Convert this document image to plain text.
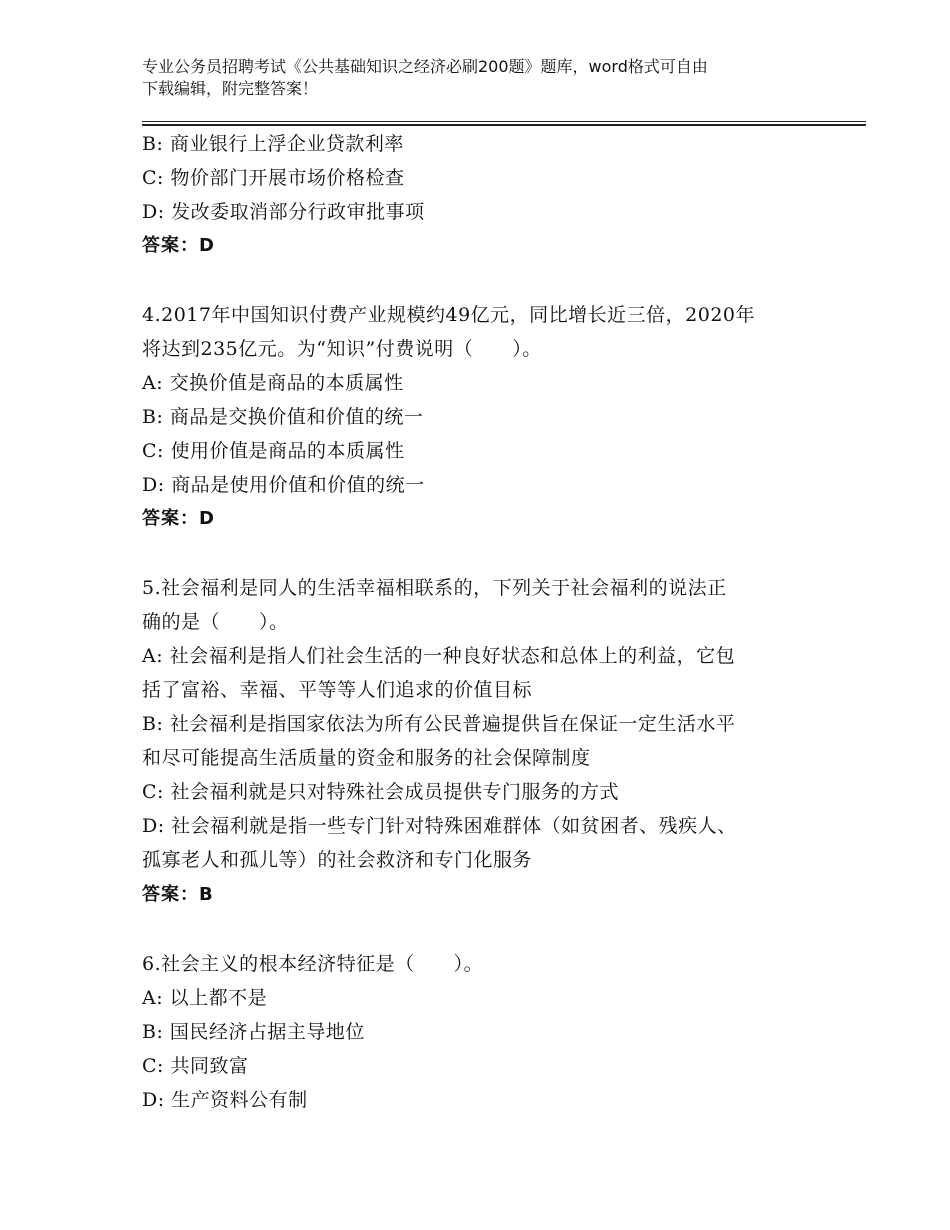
专业公务员招聘考试《公共基础知识之经济必刷200题》题库，word格式可自由
下载编辑，附完整答案！
B: 商业银行上浮企业贷款利率
C: 物价部门开展市场价格检查
D: 发改委取消部分行政审批事项
答案：D
4.2017年中国知识付费产业规模约49亿元，同比增长近三倍，2020年
将达到235亿元。为“知识”付费说明（　　）。
A: 交换价值是商品的本质属性
B: 商品是交换价值和价值的统一
C: 使用价值是商品的本质属性
D: 商品是使用价值和价值的统一
答案：D
5.社会福利是同人的生活幸福相联系的，下列关于社会福利的说法正
确的是（　　）。
A: 社会福利是指人们社会生活的一种良好状态和总体上的利益，它包
括了富裕、幸福、平等等人们追求的价值目标
B: 社会福利是指国家依法为所有公民普遍提供旨在保证一定生活水平
和尽可能提高生活质量的资金和服务的社会保障制度
C: 社会福利就是只对特殊社会成员提供专门服务的方式
D: 社会福利就是指一些专门针对特殊困难群体（如贫困者、残疾人、
孤寡老人和孤儿等）的社会救济和专门化服务
答案：B
6.社会主义的根本经济特征是（　　）。
A: 以上都不是
B: 国民经济占据主导地位
C: 共同致富
D: 生产资料公有制
